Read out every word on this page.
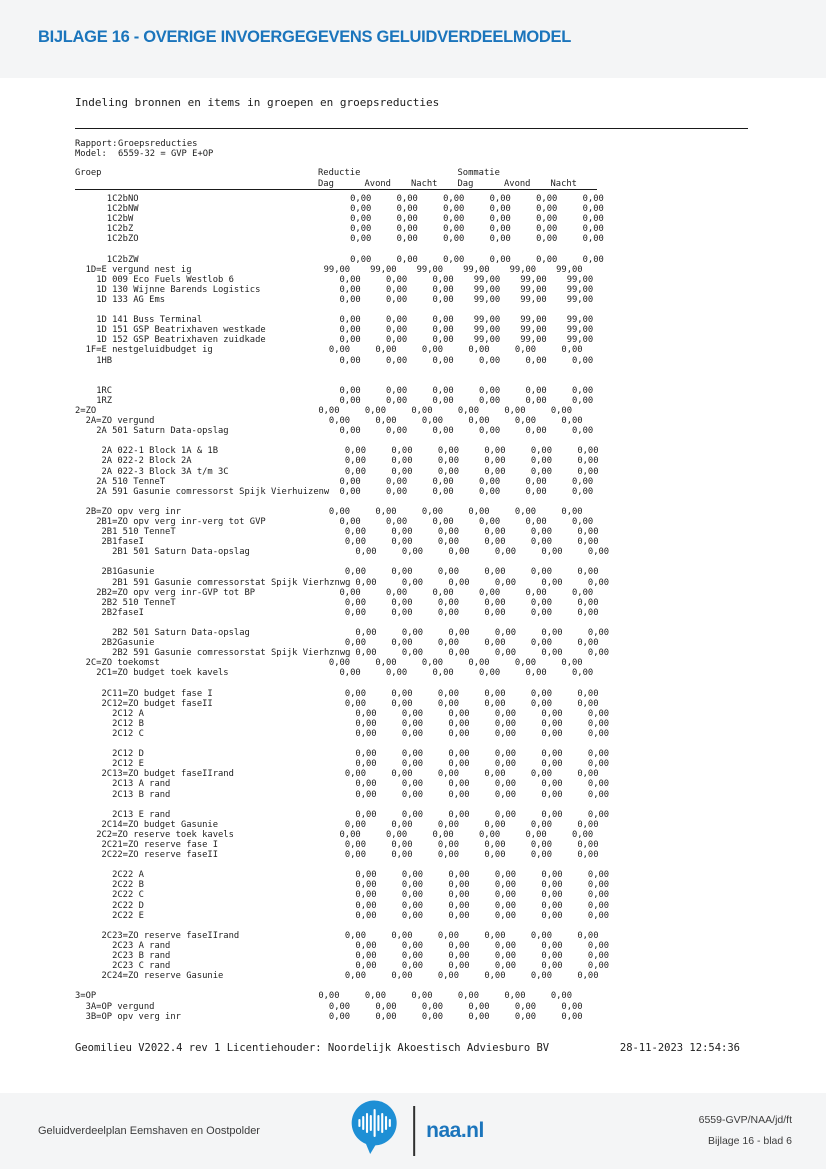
BIJLAGE 16 - OVERIGE INVOERGEGEVENS GELUIDVERDEELMODEL
Indeling bronnen en items in groepen en groepsreducties
Rapport:Groepsreducties
Model: 6559-32 = GVP E+OP
Groep	Reductie	Sommatie
Dag	Avond	Nacht	Dag	Avond	Nacht
1C2bNO	0,00	0,00	0,00	0,00	0,00	0,00
1C2bNW	0,00	0,00	0,00	0,00	0,00	0,00
1C2bW	0,00	0,00	0,00	0,00	0,00	0,00
1C2bZ	0,00	0,00	0,00	0,00	0,00	0,00
1C2bZO	0,00	0,00	0,00	0,00	0,00	0,00
1C2bZW	0,00	0,00	0,00	0,00	0,00	0,00
1D=E vergund nest ig	99,00 99,00 99,00 99,00 99,00 99,00
1D 009 Eco Fuels Westlob 6	0,00	0,00	0,00 99,00 99,00 99,00
1D 130 Wijnne Barends Logistics	0,00	0,00	0,00 99,00 99,00 99,00
1D 133 AG Ems	0,00	0,00	0,00 99,00 99,00 99,00
1D 141 Buss Terminal	0,00	0,00	0,00 99,00 99,00 99,00
1D 151 GSP Beatrixhaven westkade	0,00	0,00	0,00 99,00 99,00 99,00
1D 152 GSP Beatrixhaven zuidkade	0,00	0,00	0,00 99,00 99,00 99,00
1F=E nestgeluidbudget ig	0,00	0,00	0,00	0,00	0,00	0,00
1HB	0,00	0,00	0,00	0,00	0,00	0,00
1RC	0,00	0,00	0,00	0,00	0,00	0,00
1RZ	0,00	0,00	0,00	0,00	0,00	0,00
2=ZO	0,00	0,00	0,00	0,00	0,00	0,00
2A=ZO vergund	0,00	0,00	0,00	0,00	0,00	0,00
2A 501 Saturn Data-opslag	0,00	0,00	0,00	0,00	0,00	0,00
2A 022-1 Block 1A & 1B	0,00	0,00	0,00	0,00	0,00	0,00
2A 022-2 Block 2A	0,00	0,00	0,00	0,00	0,00	0,00
2A 022-3 Block 3A t/m 3C	0,00	0,00	0,00	0,00	0,00	0,00
2A 510 TenneT	0,00	0,00	0,00	0,00	0,00	0,00
2A 591 Gasunie comressorst Spijk Vierhuizenw	0,00	0,00	0,00	0,00	0,00	0,00
2B=ZO opv verg inr	0,00	0,00	0,00	0,00	0,00	0,00
2B1=ZO opv verg inr-verg tot GVP	0,00	0,00	0,00	0,00	0,00	0,00
2B1 510 TenneT	0,00	0,00	0,00	0,00	0,00	0,00
2B1faseI	0,00	0,00	0,00	0,00	0,00	0,00
2B1 501 Saturn Data-opslag	0,00	0,00	0,00	0,00	0,00	0,00
2B1Gasunie	0,00	0,00	0,00	0,00	0,00	0,00
2B1 591 Gasunie comressorstat Spijk Vierhznwg 0,00	0,00	0,00	0,00	0,00	0,00
2B2=ZO opv verg inr-GVP tot BP	0,00	0,00	0,00	0,00	0,00	0,00
2B2 510 TenneT	0,00	0,00	0,00	0,00	0,00	0,00
2B2faseI	0,00	0,00	0,00	0,00	0,00	0,00
2B2 501 Saturn Data-opslag	0,00	0,00	0,00	0,00	0,00	0,00
2B2Gasunie	0,00	0,00	0,00	0,00	0,00	0,00
2B2 591 Gasunie comressorstat Spijk Vierhznwg 0,00	0,00	0,00	0,00	0,00	0,00
2C=ZO toekomst	0,00	0,00	0,00	0,00	0,00	0,00
2C1=ZO budget toek kavels	0,00	0,00	0,00	0,00	0,00	0,00
2C11=ZO budget fase I	0,00	0,00	0,00	0,00	0,00	0,00
2C12=ZO budget faseII	0,00	0,00	0,00	0,00	0,00	0,00
2C12 A	0,00	0,00	0,00	0,00	0,00	0,00
2C12 B	0,00	0,00	0,00	0,00	0,00	0,00
2C12 C	0,00	0,00	0,00	0,00	0,00	0,00
2C12 D	0,00	0,00	0,00	0,00	0,00	0,00
2C12 E	0,00	0,00	0,00	0,00	0,00	0,00
2C13=ZO budget faseIIrand	0,00	0,00	0,00	0,00	0,00	0,00
2C13 A rand	0,00	0,00	0,00	0,00	0,00	0,00
2C13 B rand	0,00	0,00	0,00	0,00	0,00	0,00
2C13 E rand	0,00	0,00	0,00	0,00	0,00	0,00
2C14=ZO budget Gasunie	0,00	0,00	0,00	0,00	0,00	0,00
2C2=ZO reserve toek kavels	0,00	0,00	0,00	0,00	0,00	0,00
2C21=ZO reserve fase I	0,00	0,00	0,00	0,00	0,00	0,00
2C22=ZO reserve faseII	0,00	0,00	0,00	0,00	0,00	0,00
2C22 A	0,00	0,00	0,00	0,00	0,00	0,00
2C22 B	0,00	0,00	0,00	0,00	0,00	0,00
2C22 C	0,00	0,00	0,00	0,00	0,00	0,00
2C22 D	0,00	0,00	0,00	0,00	0,00	0,00
2C22 E	0,00	0,00	0,00	0,00	0,00	0,00
2C23=ZO reserve faseIIrand	0,00	0,00	0,00	0,00	0,00	0,00
2C23 A rand	0,00	0,00	0,00	0,00	0,00	0,00
2C23 B rand	0,00	0,00	0,00	0,00	0,00	0,00
2C23 C rand	0,00	0,00	0,00	0,00	0,00	0,00
2C24=ZO reserve Gasunie	0,00	0,00	0,00	0,00	0,00	0,00
3=OP	0,00	0,00	0,00	0,00	0,00	0,00
3A=OP vergund	0,00	0,00	0,00	0,00	0,00	0,00
3B=OP opv verg inr	0,00	0,00	0,00	0,00	0,00	0,00
Geomilieu V2022.4 rev 1 Licentiehouder: Noordelijk Akoestisch Adviesburo BV	28-11-2023 12:54:36
Geluidverdeelplan Eemshaven en Oostpolder	naa.nl	6559-GVP/NAA/jd/ft
Bijlage 16 - blad 6
